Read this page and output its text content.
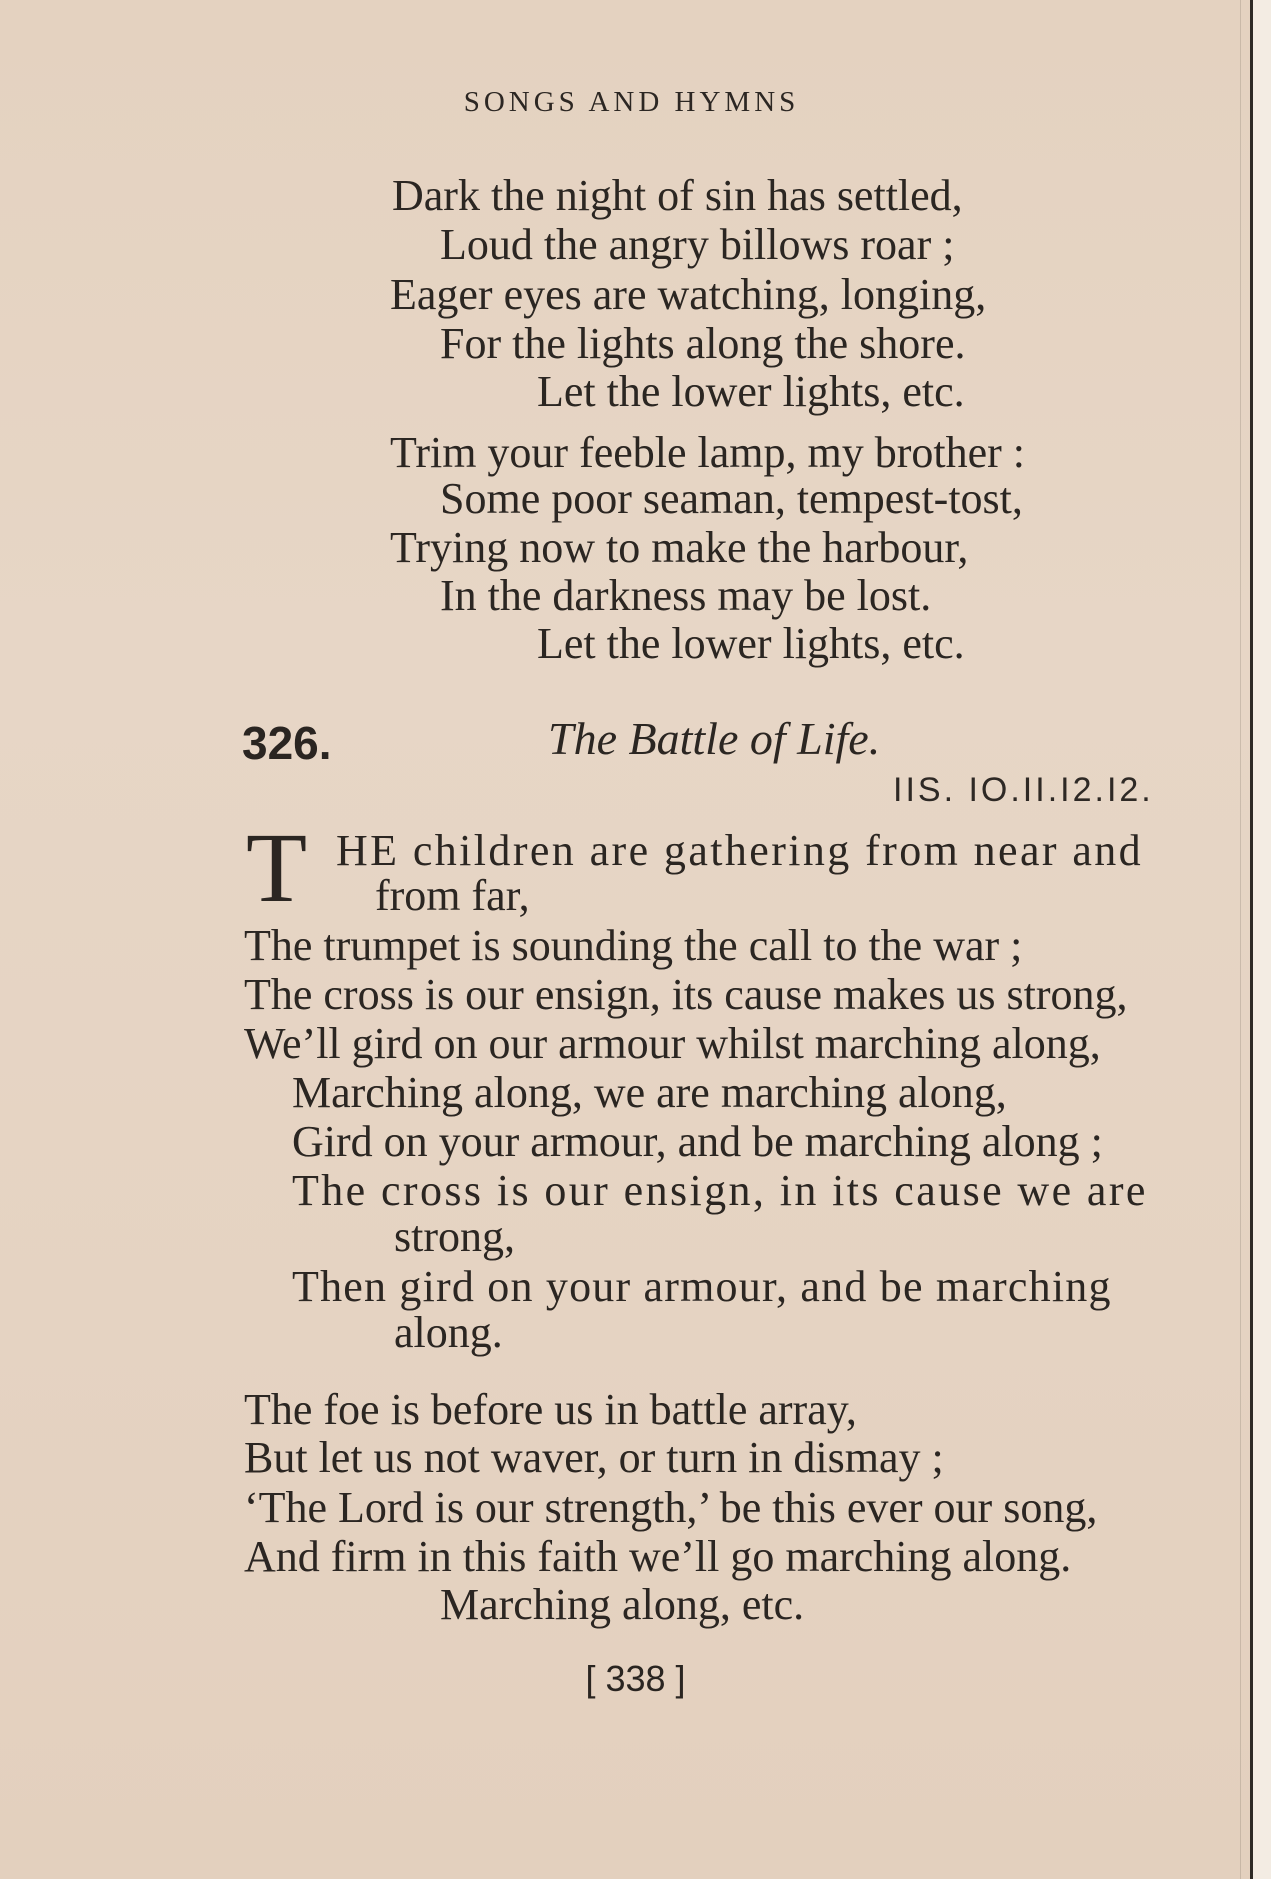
SONGS AND HYMNS
Dark the night of sin has settled,
Loud the angry billows roar ;
Eager eyes are watching, longing,
For the lights along the shore.
Let the lower lights, etc.
Trim your feeble lamp, my brother :
Some poor seaman, tempest-tost,
Trying now to make the harbour,
In the darkness may be lost.
Let the lower lights, etc.
326.	The Battle of Life.
IIS. IO.II.I2.I2.
T HE children are gathering from near and
from far,
The trumpet is sounding the call to the war ;
The cross is our ensign, its cause makes us strong,
We’ll gird on our armour whilst marching along,
Marching along, we are marching along,
Gird on your armour, and be marching along ;
The cross is our ensign, in its cause we are
strong,
Then gird on your armour, and be marching
along.
The foe is before us in battle array,
But let us not waver, or turn in dismay ;
‘The Lord is our strength,’ be this ever our song,
And firm in this faith we’ll go marching along.
Marching along, etc.
[ 338 ]
